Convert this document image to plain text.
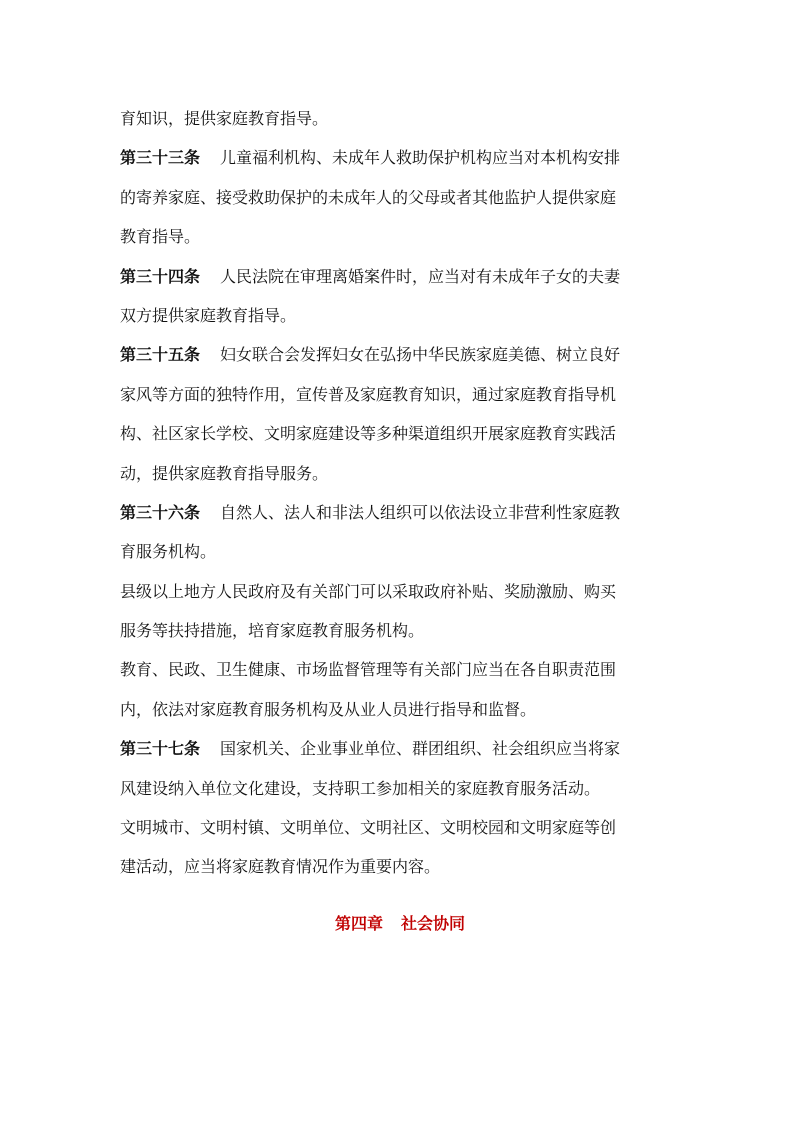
育知识，提供家庭教育指导。

第三十三条 儿童福利机构、未成年人救助保护机构应当对本机构安排

的寄养家庭、接受救助保护的未成年人的父母或者其他监护人提供家庭

教育指导。

第三十四条 人民法院在审理离婚案件时，应当对有未成年子女的夫妻

双方提供家庭教育指导。

第三十五条 妇女联合会发挥妇女在弘扬中华民族家庭美德、树立良好

家风等方面的独特作用，宣传普及家庭教育知识，通过家庭教育指导机

构、社区家长学校、文明家庭建设等多种渠道组织开展家庭教育实践活

动，提供家庭教育指导服务。

第三十六条 自然人、法人和非法人组织可以依法设立非营利性家庭教

育服务机构。

县级以上地方人民政府及有关部门可以采取政府补贴、奖励激励、购买

服务等扶持措施，培育家庭教育服务机构。

教育、民政、卫生健康、市场监督管理等有关部门应当在各自职责范围

内，依法对家庭教育服务机构及从业人员进行指导和监督。

第三十七条 国家机关、企业事业单位、群团组织、社会组织应当将家

风建设纳入单位文化建设，支持职工参加相关的家庭教育服务活动。

文明城市、文明村镇、文明单位、文明社区、文明校园和文明家庭等创

建活动，应当将家庭教育情况作为重要内容。

第四章 社会协同
